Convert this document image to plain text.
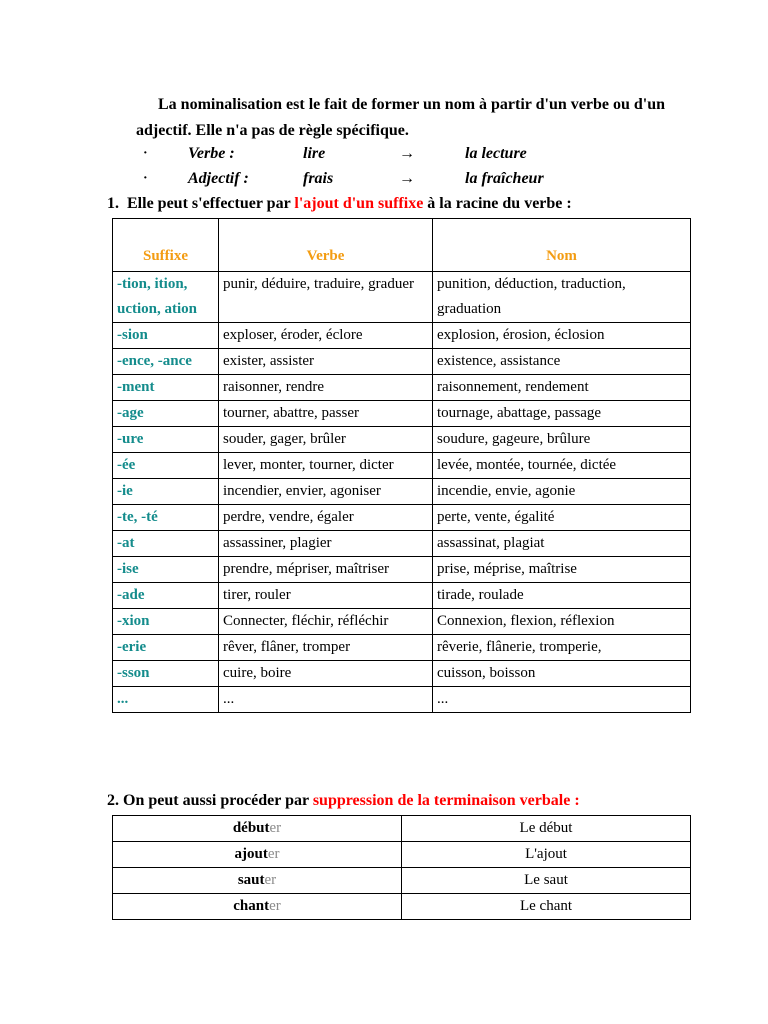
La nominalisation est le fait de former un nom à partir d'un verbe ou d'un adjectif. Elle n'a pas de règle spécifique.

·	Verbe :	lire	→	la lecture
·	Adjectif :	frais	→	la fraîcheur

1.  Elle peut s'effectuer par l'ajout d'un suffixe à la racine du verbe :

Suffixe	Verbe	Nom
-tion, ition, uction, ation	punir, déduire, traduire, graduer	punition, déduction, traduction, graduation
-sion	exploser, éroder, éclore	explosion, érosion, éclosion
-ence, -ance	exister, assister	existence, assistance
-ment	raisonner, rendre	raisonnement, rendement
-age	tourner, abattre, passer	tournage, abattage, passage
-ure	souder, gager, brûler	soudure, gageure, brûlure
-ée	lever, monter, tourner, dicter	levée, montée, tournée, dictée
-ie	incendier, envier, agoniser	incendie, envie, agonie
-te, -té	perdre, vendre, égaler	perte, vente, égalité
-at	assassiner, plagier	assassinat, plagiat
-ise	prendre, mépriser, maîtriser	prise, méprise, maîtrise
-ade	tirer, rouler	tirade, roulade
-xion	Connecter, fléchir, réfléchir	Connexion, flexion, réflexion
-erie	rêver, flâner, tromper	rêverie, flânerie, tromperie,
-sson	cuire, boire	cuisson, boisson
...	...	...

2. On peut aussi procéder par suppression de la terminaison verbale :

débuter	Le début
ajouter	L'ajout
sauter	Le saut
chanter	Le chant
